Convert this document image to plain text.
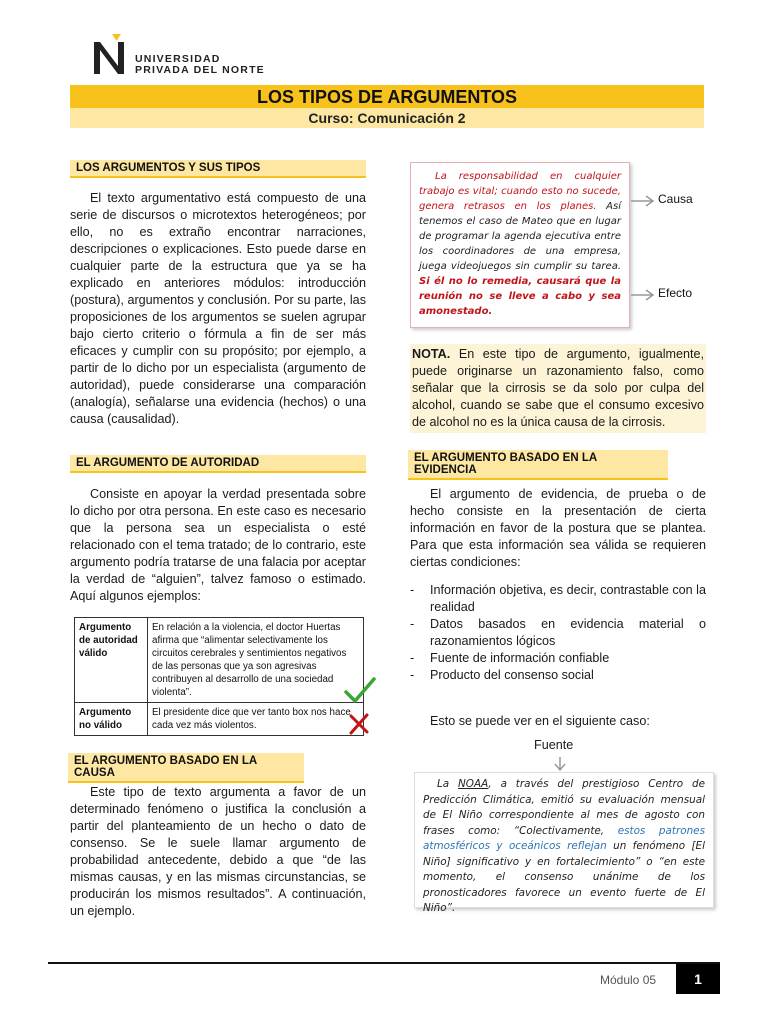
UNIVERSIDAD
PRIVADA DEL NORTE
LOS TIPOS DE ARGUMENTOS
Curso: Comunicación 2
LOS ARGUMENTOS Y SUS TIPOS
El texto argumentativo está compuesto de una serie de discursos o microtextos heterogéneos; por ello, no es extraño encontrar narraciones, descripciones o explicaciones. Esto puede darse en cualquier parte de la estructura que ya se ha explicado en anteriores módulos: introducción (postura), argumentos y conclusión. Por su parte, las proposiciones de los argumentos se suelen agrupar bajo cierto criterio o fórmula a fin de ser más eficaces y cumplir con su propósito; por ejemplo, a partir de lo dicho por un especialista (argumento de autoridad), puede considerarse una comparación (analogía), señalarse una evidencia (hechos) o una causa (causalidad).
EL ARGUMENTO DE AUTORIDAD
Consiste en apoyar la verdad presentada sobre lo dicho por otra persona. En este caso es necesario que la persona sea un especialista o esté relacionado con el tema tratado; de lo contrario, este argumento podría tratarse de una falacia por aceptar la verdad de “alguien”, talvez famoso o estimado. Aquí algunos ejemplos:
Argumento de autoridad válido	En relación a la violencia, el doctor Huertas afirma que “alimentar selectivamente los circuitos cerebrales y sentimientos negativos de las personas que ya son agresivas contribuyen al desarrollo de una sociedad violenta”.
Argumento no válido	El presidente dice que ver tanto box nos hace cada vez más violentos.
EL ARGUMENTO BASADO EN LA CAUSA
Este tipo de texto argumenta a favor de un determinado fenómeno o justifica la conclusión a partir del planteamiento de un hecho o dato de consenso. Se le suele llamar argumento de probabilidad antecedente, debido a que “de las mismas causas, y en las mismas circunstancias, se producirán los mismos resultados”. A continuación, un ejemplo.
La responsabilidad en cualquier trabajo es vital; cuando esto no sucede, genera retrasos en los planes. Así tenemos el caso de Mateo que en lugar de programar la agenda ejecutiva entre los coordinadores de una empresa, juega videojuegos sin cumplir su tarea. Si él no lo remedia, causará que la reunión no se lleve a cabo y sea amonestado.
Causa
Efecto
NOTA. En este tipo de argumento, igualmente, puede originarse un razonamiento falso, como señalar que la cirrosis se da solo por culpa del alcohol, cuando se sabe que el consumo excesivo de alcohol no es la única causa de la cirrosis.
EL ARGUMENTO BASADO EN LA EVIDENCIA
El argumento de evidencia, de prueba o de hecho consiste en la presentación de cierta información en favor de la postura que se plantea. Para que esta información sea válida se requieren ciertas condiciones:
- Información objetiva, es decir, contrastable con la realidad
- Datos basados en evidencia material o razonamientos lógicos
- Fuente de información confiable
- Producto del consenso social
Esto se puede ver en el siguiente caso:
Fuente
La NOAA, a través del prestigioso Centro de Predicción Climática, emitió su evaluación mensual de El Niño correspondiente al mes de agosto con frases como: “Colectivamente, estos patrones atmosféricos y oceánicos reflejan un fenómeno [El Niño] significativo y en fortalecimiento” o “en este momento, el consenso unánime de los pronosticadores favorece un evento fuerte de El Niño”.
Módulo 05	1
